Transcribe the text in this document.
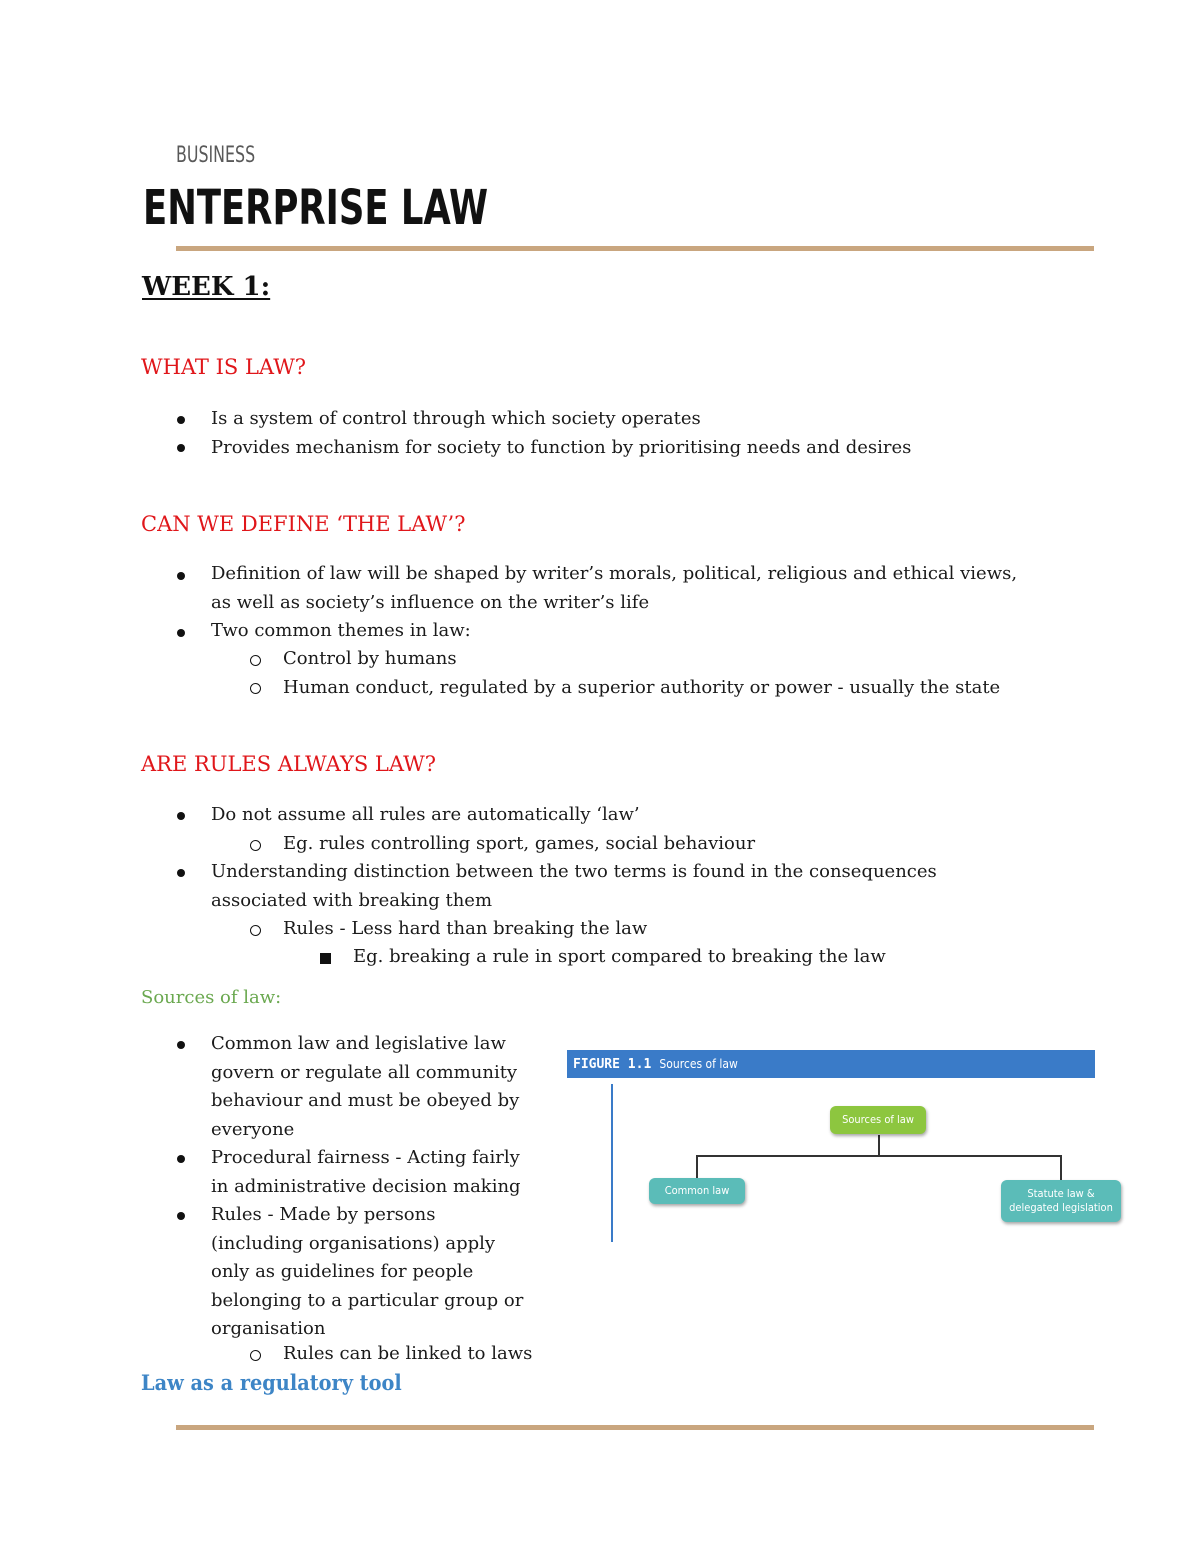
BUSINESS
ENTERPRISE LAW
WEEK 1:
WHAT IS LAW?
Is a system of control through which society operates
Provides mechanism for society to function by prioritising needs and desires
CAN WE DEFINE ‘THE LAW’?
Definition of law will be shaped by writer’s morals, political, religious and ethical views,
as well as society’s influence on the writer’s life
Two common themes in law:
Control by humans
Human conduct, regulated by a superior authority or power - usually the state
ARE RULES ALWAYS LAW?
Do not assume all rules are automatically ‘law’
Eg. rules controlling sport, games, social behaviour
Understanding distinction between the two terms is found in the consequences
associated with breaking them
Rules - Less hard than breaking the law
Eg. breaking a rule in sport compared to breaking the law
Sources of law:
Common law and legislative law
govern or regulate all community
behaviour and must be obeyed by
everyone
Procedural fairness - Acting fairly
in administrative decision making
Rules - Made by persons
(including organisations) apply
only as guidelines for people
belonging to a particular group or
organisation
Rules can be linked to laws
Law as a regulatory tool
FIGURE 1.1 Sources of law
Sources of law
Common law	Statute law &
delegated legislation
